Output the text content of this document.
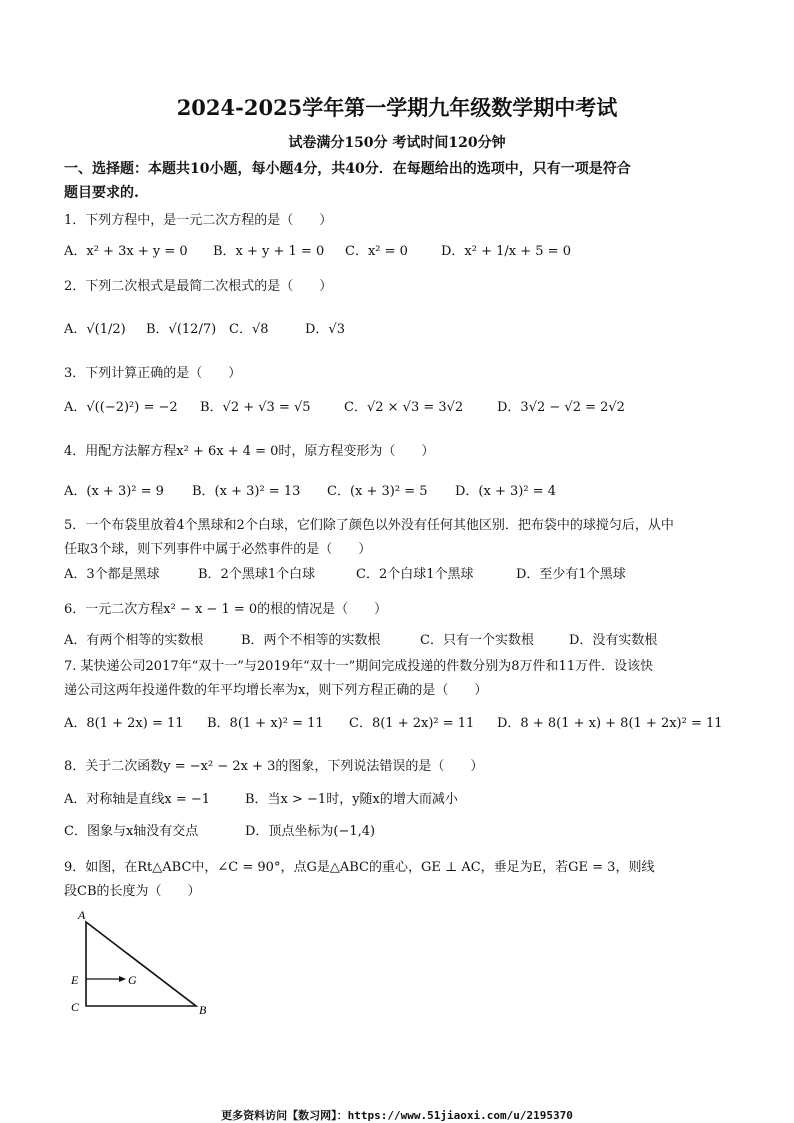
2024-2025学年第一学期九年级数学期中考试
试卷满分150分 考试时间120分钟
一、选择题：本题共10小题，每小题4分，共40分．在每题给出的选项中，只有一项是符合
题目要求的.
1．下列方程中，是一元二次方程的是（　　）
A．x² + 3x + y = 0 B．x + y + 1 = 0 C．x² = 0	D．x² + 1/x + 5 = 0
2．下列二次根式是最简二次根式的是（　　）
A．√(1/2) B．√(12/7) C．√8	D．√3
3．下列计算正确的是（　　）
A．√((−2)²) = −2 B．√2 + √3 = √5	C．√2 × √3 = 3√2	D．3√2 − √2 = 2√2
4．用配方法解方程x² + 6x + 4 = 0时，原方程变形为（　　）
A．(x + 3)² = 9 B．(x + 3)² = 13 C．(x + 3)² = 5 D．(x + 3)² = 4
5．一个布袋里放着4个黑球和2个白球，它们除了颜色以外没有任何其他区别．把布袋中的球搅匀后，从中
任取3个球，则下列事件中属于必然事件的是（　　）
A．3个都是黑球	B．2个黑球1个白球	C．2个白球1个黑球	D．至少有1个黑球
6．一元二次方程x² − x − 1 = 0的根的情况是（　　）
A．有两个相等的实数根	B．两个不相等的实数根	C．只有一个实数根	D．没有实数根
7. 某快递公司2017年“双十一”与2019年“双十一”期间完成投递的件数分别为8万件和11万件．设该快
递公司这两年投递件数的年平均增长率为x，则下列方程正确的是（　　）
A．8(1 + 2x) = 11 B．8(1 + x)² = 11 C．8(1 + 2x)² = 11 D．8 + 8(1 + x) + 8(1 + 2x)² = 11
8．关于二次函数y = −x² − 2x + 3的图象，下列说法错误的是（　　）
A．对称轴是直线x = −1	B．当x > −1时，y随x的增大而减小
C．图象与x轴没有交点	D．顶点坐标为(−1,4)
9．如图，在Rt△ABC中，∠C = 90°，点G是△ABC的重心，GE ⊥ AC，垂足为E，若GE = 3，则线
段CB的长度为（　　）
A
E	G
C	B
更多资料访问【数习网】：https://www.51jiaoxi.com/u/2195370
